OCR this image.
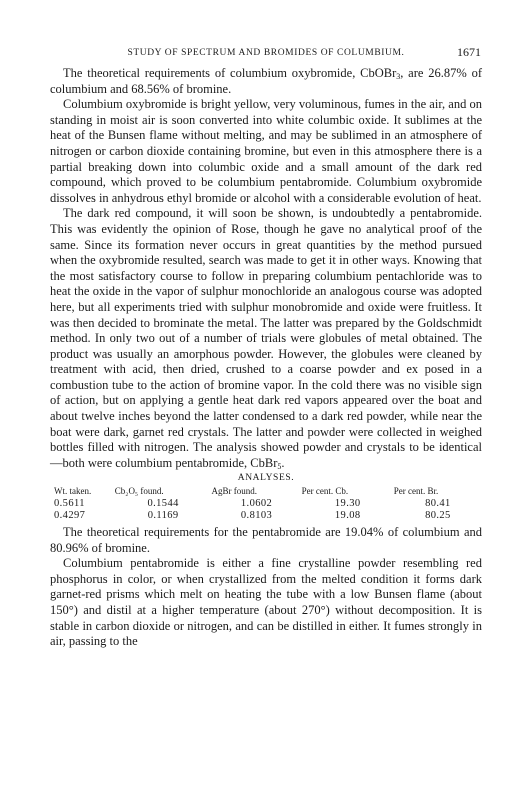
STUDY OF SPECTRUM AND BROMIDES OF COLUMBIUM.	1671

The theoretical requirements of columbium oxybromide, CbOBr$_3$, are 26.87% of columbium and 68.56% of bromine.

Columbium oxybromide is bright yellow, very voluminous, fumes in the air, and on standing in moist air is soon converted into white columbic oxide. It sublimes at the heat of the Bunsen flame without melting, and may be sublimed in an atmosphere of nitrogen or carbon dioxide containing bromine, but even in this atmosphere there is a partial breaking down into columbic oxide and a small amount of the dark red compound, which proved to be columbium pentabromide. Columbium oxybromide dissolves in anhydrous ethyl bromide or alcohol with a considerable evolution of heat.

The dark red compound, it will soon be shown, is undoubtedly a pentabromide. This was evidently the opinion of Rose, though he gave no analytical proof of the same. Since its formation never occurs in great quantities by the method pursued when the oxybromide resulted, search was made to get it in other ways. Knowing that the most satisfactory course to follow in preparing columbium pentachloride was to heat the oxide in the vapor of sulphur monochloride an analogous course was adopted here, but all experiments tried with sulphur monobromide and oxide were fruitless. It was then decided to brominate the metal. The latter was prepared by the Goldschmidt method. In only two out of a number of trials were globules of metal obtained. The product was usually an amorphous powder. However, the globules were cleaned by treatment with acid, then dried, crushed to a coarse powder and ex posed in a combustion tube to the action of bromine vapor. In the cold there was no visible sign of action, but on applying a gentle heat dark red vapors appeared over the boat and about twelve inches beyond the latter condensed to a dark red powder, while near the boat were dark, garnet red crystals. The latter and powder were collected in weighed bottles filled with nitrogen. The analysis showed powder and crystals to be identical—both were columbium pentabromide, CbBr$_5$.

ANALYSES.
Wt. taken.	Cb₂O₅ found.	AgBr found.	Per cent. Cb.	Per cent. Br.
0.5611	0.1544	1.0602	19.30	80.41
0.4297	0.1169	0.8103	19.08	80.25

The theoretical requirements for the pentabromide are 19.04% of columbium and 80.96% of bromine.

Columbium pentabromide is either a fine crystalline powder resembling red phosphorus in color, or when crystallized from the melted condition it forms dark garnet-red prisms which melt on heating the tube with a low Bunsen flame (about 150°) and distil at a higher temperature (about 270°) without decomposition. It is stable in carbon dioxide or nitrogen, and can be distilled in either. It fumes strongly in air, passing to the
